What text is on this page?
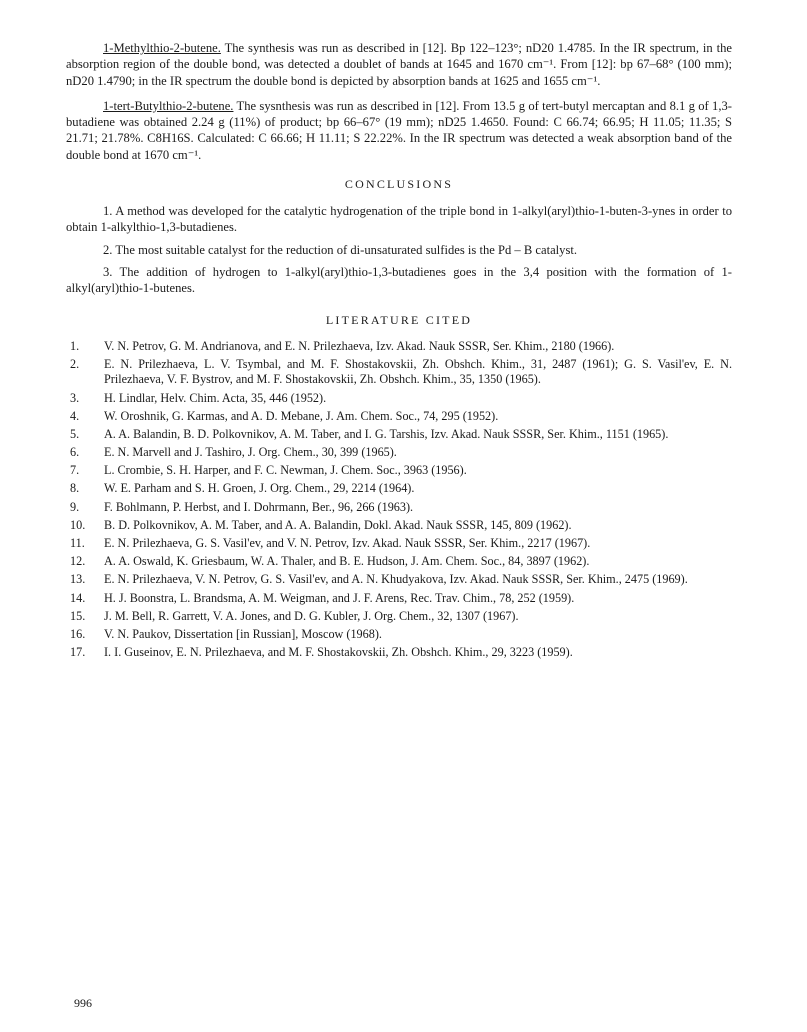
1-Methylthio-2-butene. The synthesis was run as described in [12]. Bp 122–123°; nD20 1.4785. In the IR spectrum, in the absorption region of the double bond, was detected a doublet of bands at 1645 and 1670 cm⁻¹. From [12]: bp 67–68° (100 mm); nD20 1.4790; in the IR spectrum the double bond is depicted by absorption bands at 1625 and 1655 cm⁻¹.

1-tert-Butylthio-2-butene. The sysnthesis was run as described in [12]. From 13.5 g of tert-butyl mercaptan and 8.1 g of 1,3-butadiene was obtained 2.24 g (11%) of product; bp 66–67° (19 mm); nD25 1.4650. Found: C 66.74; 66.95; H 11.05; 11.35; S 21.71; 21.78%. C8H16S. Calculated: C 66.66; H 11.11; S 22.22%. In the IR spectrum was detected a weak absorption band of the double bond at 1670 cm⁻¹.

CONCLUSIONS

1. A method was developed for the catalytic hydrogenation of the triple bond in 1-alkyl(aryl)thio-1-buten-3-ynes in order to obtain 1-alkylthio-1,3-butadienes.

2. The most suitable catalyst for the reduction of di-unsaturated sulfides is the Pd – B catalyst.

3. The addition of hydrogen to 1-alkyl(aryl)thio-1,3-butadienes goes in the 3,4 position with the formation of 1-alkyl(aryl)thio-1-butenes.

LITERATURE CITED
1.	V. N. Petrov, G. M. Andrianova, and E. N. Prilezhaeva, Izv. Akad. Nauk SSSR, Ser. Khim., 2180 (1966).
2.	E. N. Prilezhaeva, L. V. Tsymbal, and M. F. Shostakovskii, Zh. Obshch. Khim., 31, 2487 (1961); G. S. Vasil'ev, E. N. Prilezhaeva, V. F. Bystrov, and M. F. Shostakovskii, Zh. Obshch. Khim., 35, 1350 (1965).
3.	H. Lindlar, Helv. Chim. Acta, 35, 446 (1952).
4.	W. Oroshnik, G. Karmas, and A. D. Mebane, J. Am. Chem. Soc., 74, 295 (1952).
5.	A. A. Balandin, B. D. Polkovnikov, A. M. Taber, and I. G. Tarshis, Izv. Akad. Nauk SSSR, Ser. Khim., 1151 (1965).
6.	E. N. Marvell and J. Tashiro, J. Org. Chem., 30, 399 (1965).
7.	L. Crombie, S. H. Harper, and F. C. Newman, J. Chem. Soc., 3963 (1956).
8.	W. E. Parham and S. H. Groen, J. Org. Chem., 29, 2214 (1964).
9.	F. Bohlmann, P. Herbst, and I. Dohrmann, Ber., 96, 266 (1963).
10.	B. D. Polkovnikov, A. M. Taber, and A. A. Balandin, Dokl. Akad. Nauk SSSR, 145, 809 (1962).
11.	E. N. Prilezhaeva, G. S. Vasil'ev, and V. N. Petrov, Izv. Akad. Nauk SSSR, Ser. Khim., 2217 (1967).
12.	A. A. Oswald, K. Griesbaum, W. A. Thaler, and B. E. Hudson, J. Am. Chem. Soc., 84, 3897 (1962).
13.	E. N. Prilezhaeva, V. N. Petrov, G. S. Vasil'ev, and A. N. Khudyakova, Izv. Akad. Nauk SSSR, Ser. Khim., 2475 (1969).
14.	H. J. Boonstra, L. Brandsma, A. M. Weigman, and J. F. Arens, Rec. Trav. Chim., 78, 252 (1959).
15.	J. M. Bell, R. Garrett, V. A. Jones, and D. G. Kubler, J. Org. Chem., 32, 1307 (1967).
16.	V. N. Paukov, Dissertation [in Russian], Moscow (1968).
17.	I. I. Guseinov, E. N. Prilezhaeva, and M. F. Shostakovskii, Zh. Obshch. Khim., 29, 3223 (1959).
996
